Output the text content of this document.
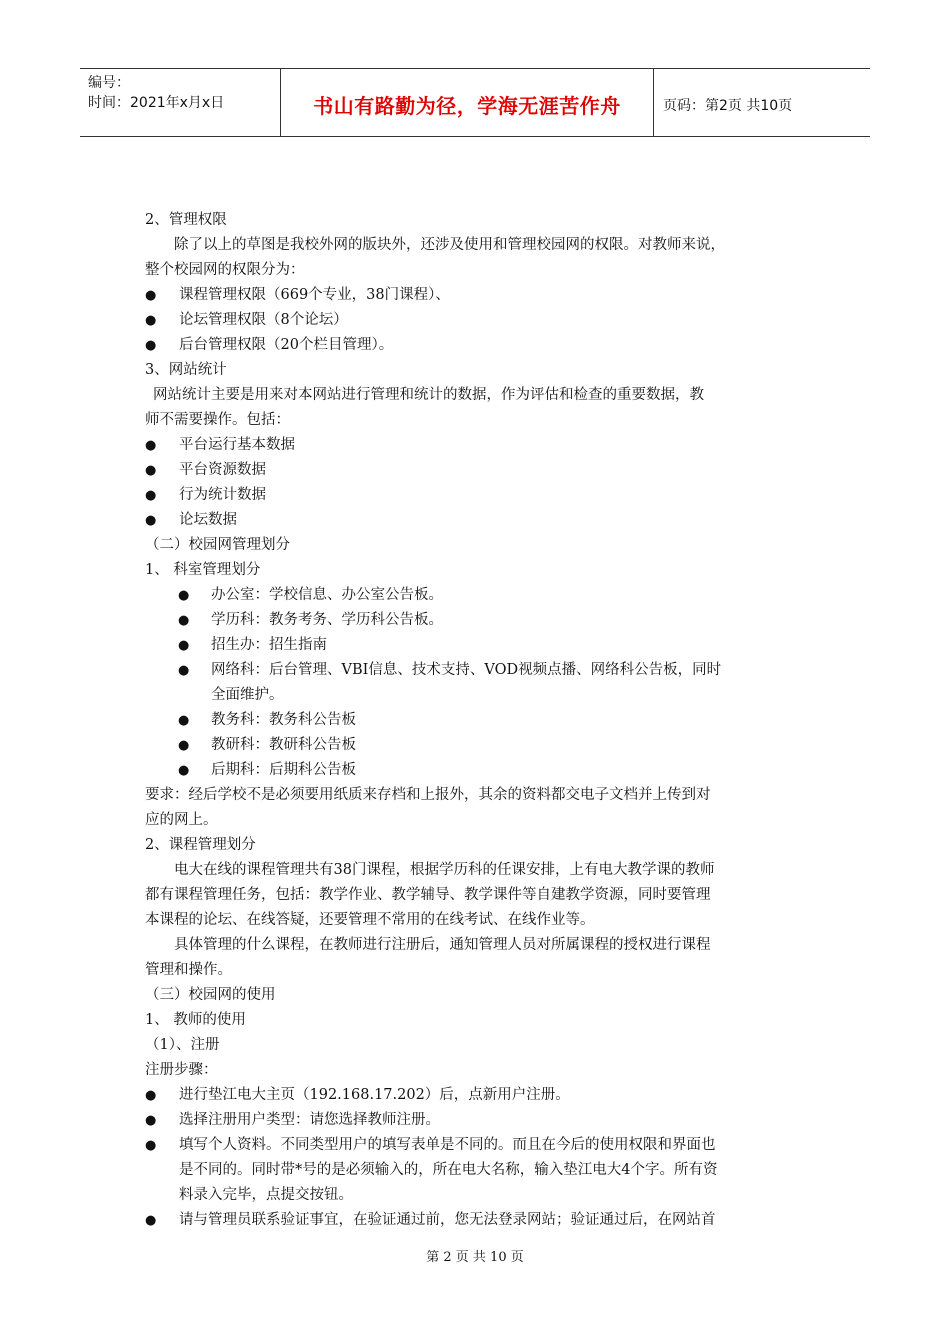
编号：
时间：2021年x月x日	书山有路勤为径，学海无涯苦作舟	页码：第2页 共10页
2、管理权限
除了以上的草图是我校外网的版块外，还涉及使用和管理校园网的权限。对教师来说，
整个校园网的权限分为：
● 课程管理权限（669个专业，38门课程）、
● 论坛管理权限（8个论坛）
● 后台管理权限（20个栏目管理）。
3、网站统计
网站统计主要是用来对本网站进行管理和统计的数据，作为评估和检查的重要数据，教
师不需要操作。包括：
● 平台运行基本数据
● 平台资源数据
● 行为统计数据
● 论坛数据
（二）校园网管理划分
1、 科室管理划分
● 办公室：学校信息、办公室公告板。
● 学历科：教务考务、学历科公告板。
● 招生办：招生指南
● 网络科：后台管理、VBI信息、技术支持、VOD视频点播、网络科公告板，同时
全面维护。
● 教务科：教务科公告板
● 教研科：教研科公告板
● 后期科：后期科公告板
要求：经后学校不是必须要用纸质来存档和上报外，其余的资料都交电子文档并上传到对
应的网上。
2、课程管理划分
电大在线的课程管理共有38门课程，根据学历科的任课安排，上有电大教学课的教师
都有课程管理任务，包括：教学作业、教学辅导、教学课件等自建教学资源，同时要管理
本课程的论坛、在线答疑，还要管理不常用的在线考试、在线作业等。
具体管理的什么课程，在教师进行注册后，通知管理人员对所属课程的授权进行课程
管理和操作。
（三）校园网的使用
1、 教师的使用
（1）、注册
注册步骤：
● 进行垫江电大主页（192.168.17.202）后，点新用户注册。
● 选择注册用户类型：请您选择教师注册。
● 填写个人资料。不同类型用户的填写表单是不同的。而且在今后的使用权限和界面也
是不同的。同时带*号的是必须输入的，所在电大名称，输入垫江电大4个字。所有资
料录入完毕，点提交按钮。
● 请与管理员联系验证事宜，在验证通过前，您无法登录网站；验证通过后，在网站首
第 2 页 共 10 页
